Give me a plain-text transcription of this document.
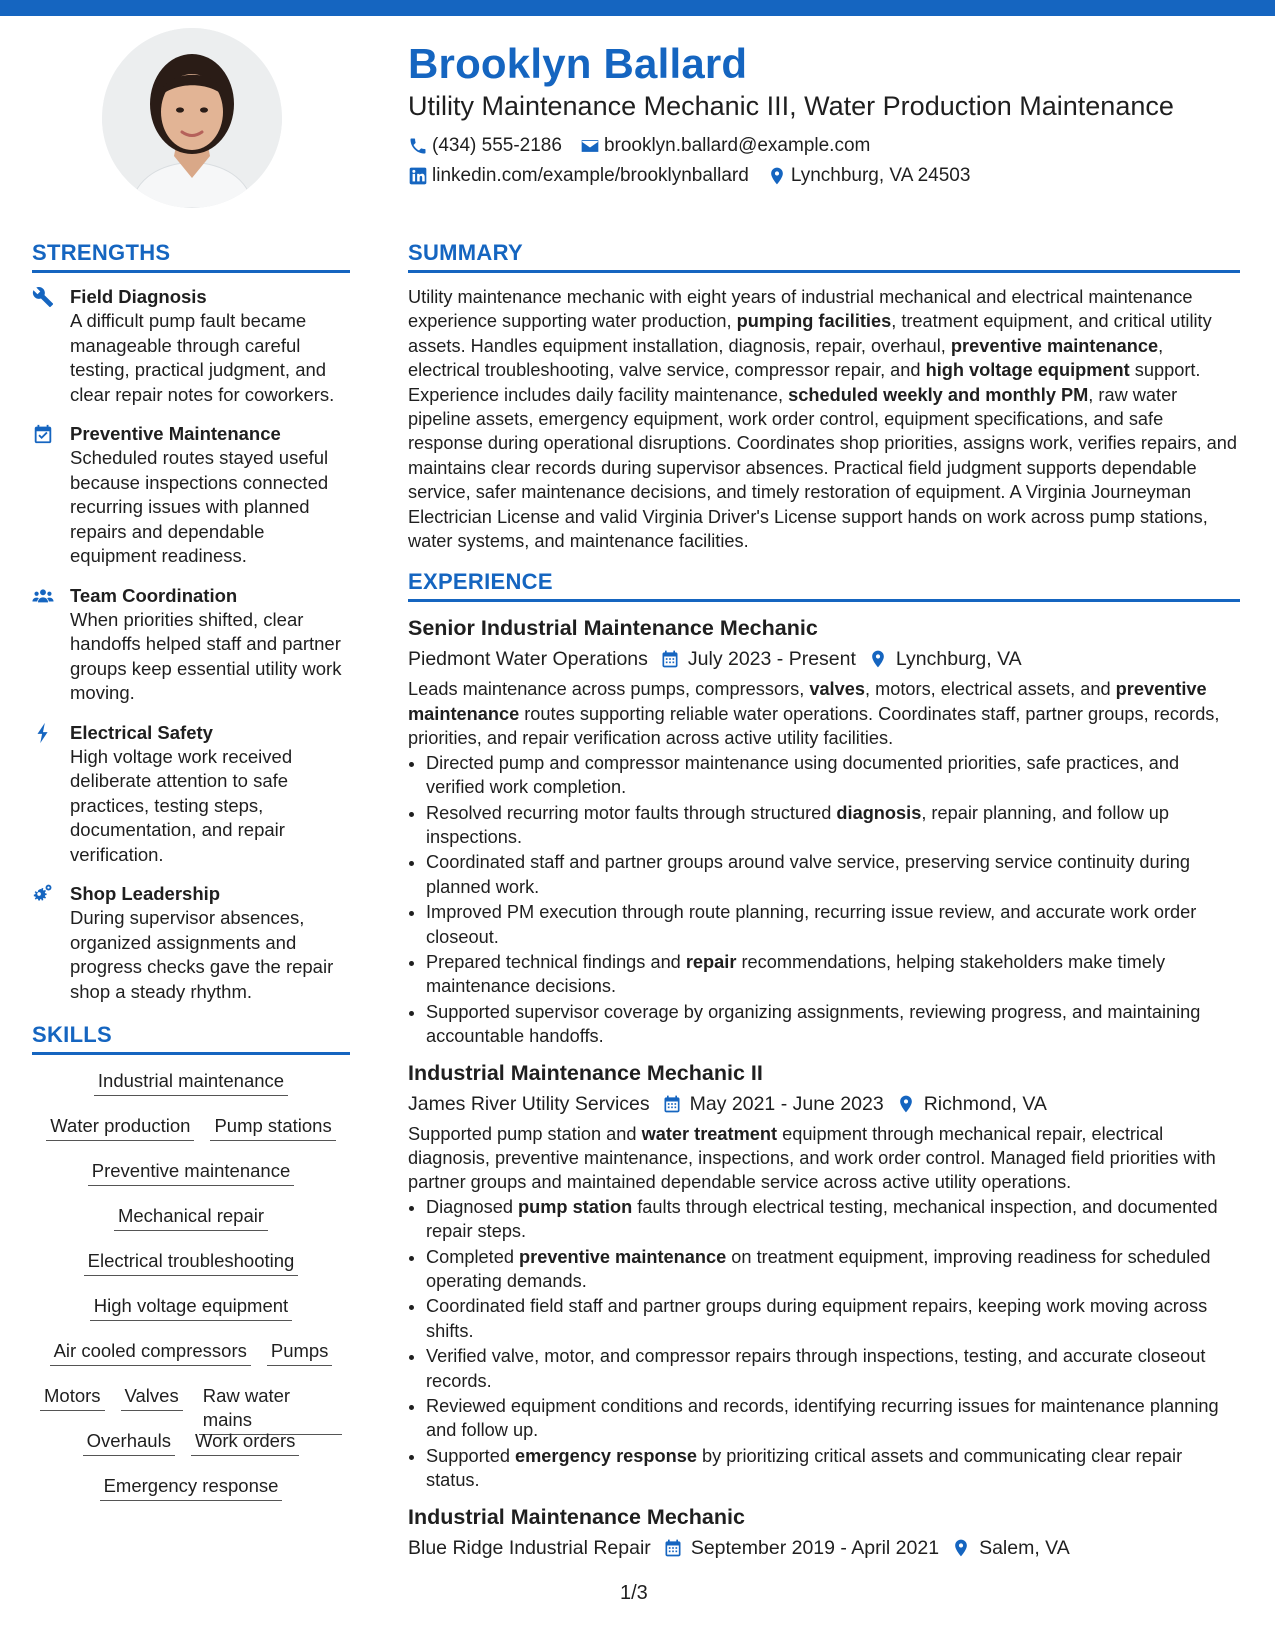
Brooklyn Ballard
Utility Maintenance Mechanic III, Water Production Maintenance
(434) 555-2186 brooklyn.ballard@example.com
linkedin.com/example/brooklynballard Lynchburg, VA 24503
STRENGTHS
Field Diagnosis
A difficult pump fault became manageable through careful testing, practical judgment, and clear repair notes for coworkers.
Preventive Maintenance
Scheduled routes stayed useful because inspections connected recurring issues with planned repairs and dependable equipment readiness.
Team Coordination
When priorities shifted, clear handoffs helped staff and partner groups keep essential utility work moving.
Electrical Safety
High voltage work received deliberate attention to safe practices, testing steps, documentation, and repair verification.
Shop Leadership
During supervisor absences, organized assignments and progress checks gave the repair shop a steady rhythm.
SKILLS
Industrial maintenance
Water production Pump stations
Preventive maintenance
Mechanical repair
Electrical troubleshooting
High voltage equipment
Air cooled compressors Pumps
Motors Valves Raw water mains
Overhauls Work orders
Emergency response
SUMMARY
Utility maintenance mechanic with eight years of industrial mechanical and electrical maintenance experience supporting water production, pumping facilities, treatment equipment, and critical utility assets. Handles equipment installation, diagnosis, repair, overhaul, preventive maintenance, electrical troubleshooting, valve service, compressor repair, and high voltage equipment support. Experience includes daily facility maintenance, scheduled weekly and monthly PM, raw water pipeline assets, emergency equipment, work order control, equipment specifications, and safe response during operational disruptions. Coordinates shop priorities, assigns work, verifies repairs, and maintains clear records during supervisor absences. Practical field judgment supports dependable service, safer maintenance decisions, and timely restoration of equipment. A Virginia Journeyman Electrician License and valid Virginia Driver's License support hands on work across pump stations, water systems, and maintenance facilities.
EXPERIENCE
Senior Industrial Maintenance Mechanic
Piedmont Water Operations July 2023 - Present Lynchburg, VA
Leads maintenance across pumps, compressors, valves, motors, electrical assets, and preventive maintenance routes supporting reliable water operations. Coordinates staff, partner groups, records, priorities, and repair verification across active utility facilities.
• Directed pump and compressor maintenance using documented priorities, safe practices, and verified work completion.
• Resolved recurring motor faults through structured diagnosis, repair planning, and follow up inspections.
• Coordinated staff and partner groups around valve service, preserving service continuity during planned work.
• Improved PM execution through route planning, recurring issue review, and accurate work order closeout.
• Prepared technical findings and repair recommendations, helping stakeholders make timely maintenance decisions.
• Supported supervisor coverage by organizing assignments, reviewing progress, and maintaining accountable handoffs.
Industrial Maintenance Mechanic II
James River Utility Services May 2021 - June 2023 Richmond, VA
Supported pump station and water treatment equipment through mechanical repair, electrical diagnosis, preventive maintenance, inspections, and work order control. Managed field priorities with partner groups and maintained dependable service across active utility operations.
• Diagnosed pump station faults through electrical testing, mechanical inspection, and documented repair steps.
• Completed preventive maintenance on treatment equipment, improving readiness for scheduled operating demands.
• Coordinated field staff and partner groups during equipment repairs, keeping work moving across shifts.
• Verified valve, motor, and compressor repairs through inspections, testing, and accurate closeout records.
• Reviewed equipment conditions and records, identifying recurring issues for maintenance planning and follow up.
• Supported emergency response by prioritizing critical assets and communicating clear repair status.
Industrial Maintenance Mechanic
Blue Ridge Industrial Repair September 2019 - April 2021 Salem, VA
1/3
